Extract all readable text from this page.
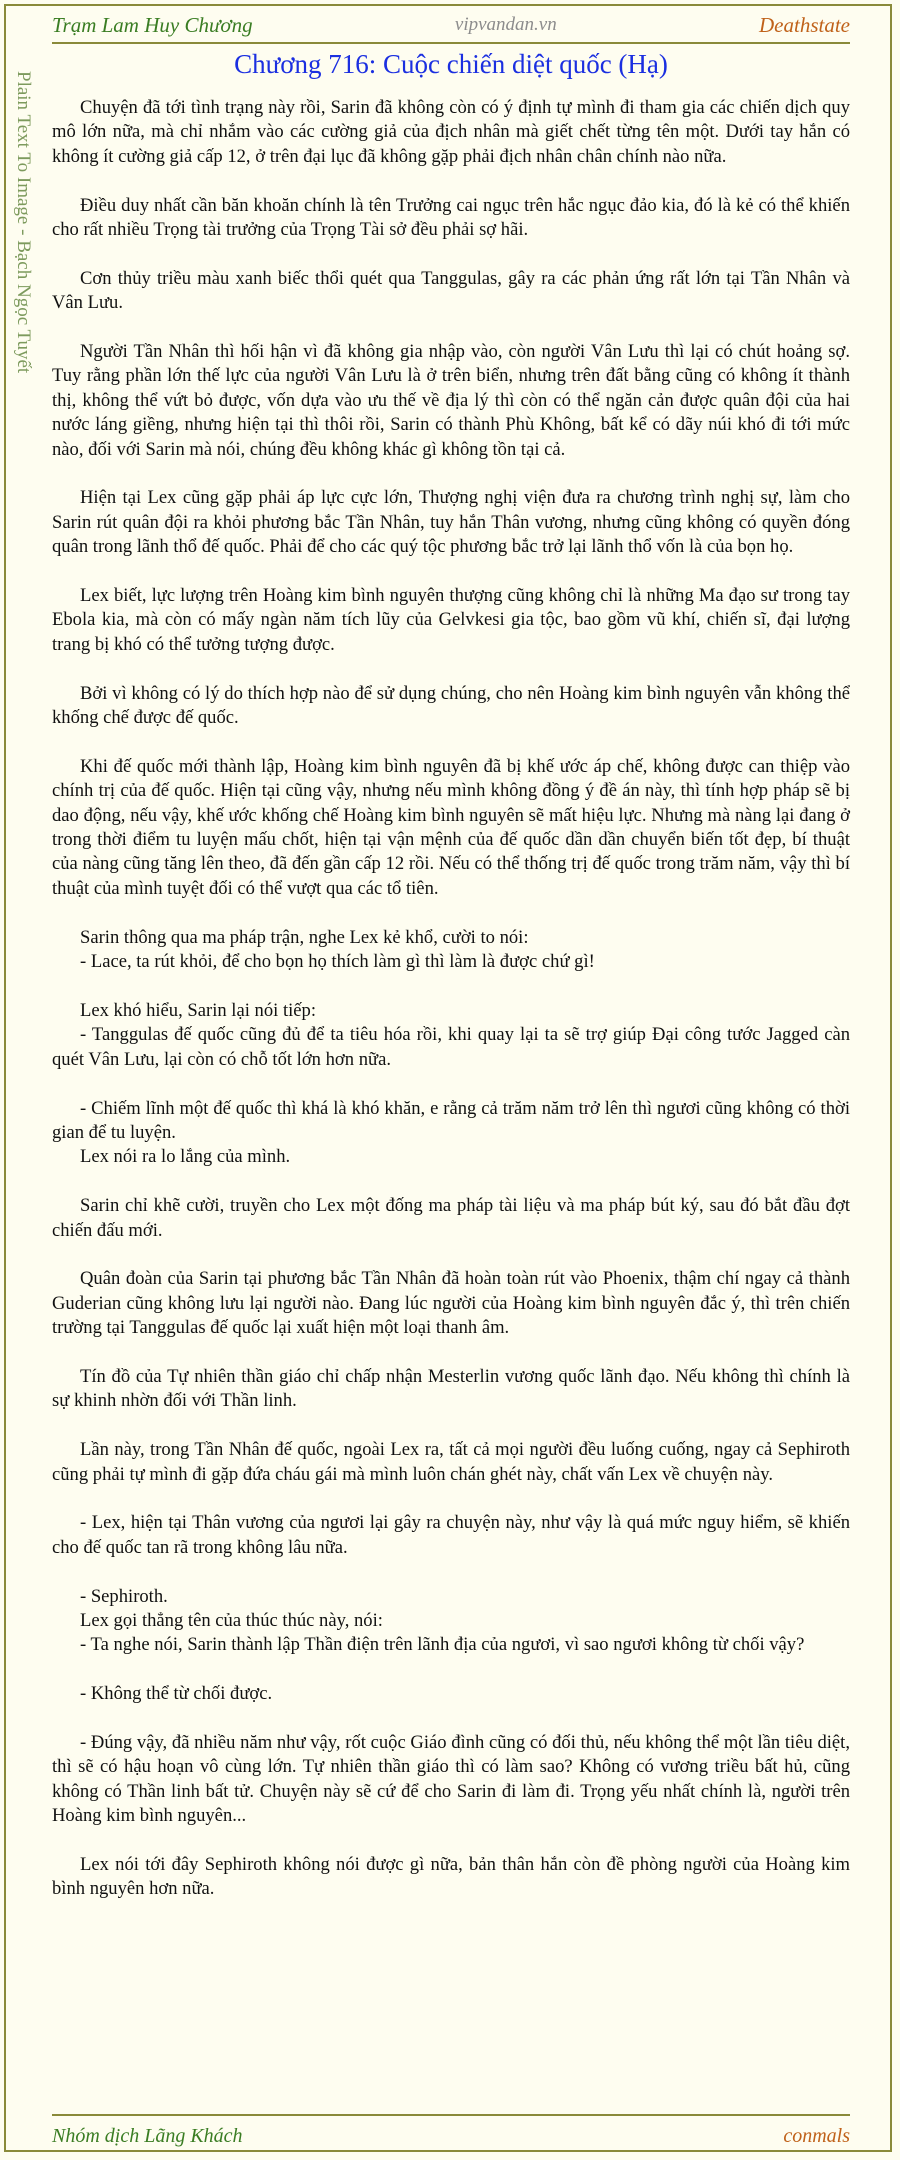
Trạm Lam Huy Chương	vipvandan.vn	Deathstate
Plain Text To Image - Bạch Ngọc Tuyết
Chương 716: Cuộc chiến diệt quốc (Hạ)

Chuyện đã tới tình trạng này rồi, Sarin đã không còn có ý định tự mình đi tham gia các chiến dịch quy mô lớn nữa, mà chỉ nhắm vào các cường giả của địch nhân mà giết chết từng tên một. Dưới tay hắn có không ít cường giả cấp 12, ở trên đại lục đã không gặp phải địch nhân chân chính nào nữa.

Điều duy nhất cần băn khoăn chính là tên Trưởng cai ngục trên hắc ngục đảo kia, đó là kẻ có thể khiến cho rất nhiều Trọng tài trưởng của Trọng Tài sở đều phải sợ hãi.

Cơn thủy triều màu xanh biếc thổi quét qua Tanggulas, gây ra các phản ứng rất lớn tại Tần Nhân và Vân Lưu.

Người Tần Nhân thì hối hận vì đã không gia nhập vào, còn người Vân Lưu thì lại có chút hoảng sợ. Tuy rằng phần lớn thế lực của người Vân Lưu là ở trên biển, nhưng trên đất bằng cũng có không ít thành thị, không thể vứt bỏ được, vốn dựa vào ưu thế về địa lý thì còn có thể ngăn cản được quân đội của hai nước láng giềng, nhưng hiện tại thì thôi rồi, Sarin có thành Phù Không, bất kể có dãy núi khó đi tới mức nào, đối với Sarin mà nói, chúng đều không khác gì không tồn tại cả.

Hiện tại Lex cũng gặp phải áp lực cực lớn, Thượng nghị viện đưa ra chương trình nghị sự, làm cho Sarin rút quân đội ra khỏi phương bắc Tần Nhân, tuy hắn Thân vương, nhưng cũng không có quyền đóng quân trong lãnh thổ đế quốc. Phải để cho các quý tộc phương bắc trở lại lãnh thổ vốn là của bọn họ.

Lex biết, lực lượng trên Hoàng kim bình nguyên thượng cũng không chỉ là những Ma đạo sư trong tay Ebola kia, mà còn có mấy ngàn năm tích lũy của Gelvkesi gia tộc, bao gồm vũ khí, chiến sĩ, đại lượng trang bị khó có thể tưởng tượng được.

Bởi vì không có lý do thích hợp nào để sử dụng chúng, cho nên Hoàng kim bình nguyên vẫn không thể khống chế được đế quốc.

Khi đế quốc mới thành lập, Hoàng kim bình nguyên đã bị khế ước áp chế, không được can thiệp vào chính trị của đế quốc. Hiện tại cũng vậy, nhưng nếu mình không đồng ý đề án này, thì tính hợp pháp sẽ bị dao động, nếu vậy, khế ước khống chế Hoàng kim bình nguyên sẽ mất hiệu lực. Nhưng mà nàng lại đang ở trong thời điểm tu luyện mấu chốt, hiện tại vận mệnh của đế quốc dần dần chuyển biến tốt đẹp, bí thuật của nàng cũng tăng lên theo, đã đến gần cấp 12 rồi. Nếu có thể thống trị đế quốc trong trăm năm, vậy thì bí thuật của mình tuyệt đối có thể vượt qua các tổ tiên.

Sarin thông qua ma pháp trận, nghe Lex kẻ khổ, cười to nói:
- Lace, ta rút khỏi, để cho bọn họ thích làm gì thì làm là được chứ gì!

Lex khó hiểu, Sarin lại nói tiếp:
- Tanggulas đế quốc cũng đủ để ta tiêu hóa rồi, khi quay lại ta sẽ trợ giúp Đại công tước Jagged càn quét Vân Lưu, lại còn có chỗ tốt lớn hơn nữa.

- Chiếm lĩnh một đế quốc thì khá là khó khăn, e rằng cả trăm năm trở lên thì ngươi cũng không có thời gian để tu luyện.
Lex nói ra lo lắng của mình.

Sarin chỉ khẽ cười, truyền cho Lex một đống ma pháp tài liệu và ma pháp bút ký, sau đó bắt đầu đợt chiến đấu mới.

Quân đoàn của Sarin tại phương bắc Tần Nhân đã hoàn toàn rút vào Phoenix, thậm chí ngay cả thành Guderian cũng không lưu lại người nào. Đang lúc người của Hoàng kim bình nguyên đắc ý, thì trên chiến trường tại Tanggulas đế quốc lại xuất hiện một loại thanh âm.

Tín đồ của Tự nhiên thần giáo chỉ chấp nhận Mesterlin vương quốc lãnh đạo. Nếu không thì chính là sự khinh nhờn đối với Thần linh.

Lần này, trong Tần Nhân đế quốc, ngoài Lex ra, tất cả mọi người đều luống cuống, ngay cả Sephiroth cũng phải tự mình đi gặp đứa cháu gái mà mình luôn chán ghét này, chất vấn Lex về chuyện này.

- Lex, hiện tại Thân vương của ngươi lại gây ra chuyện này, như vậy là quá mức nguy hiểm, sẽ khiến cho đế quốc tan rã trong không lâu nữa.

- Sephiroth.
Lex gọi thẳng tên của thúc thúc này, nói:
- Ta nghe nói, Sarin thành lập Thần điện trên lãnh địa của ngươi, vì sao ngươi không từ chối vậy?

- Không thể từ chối được.

- Đúng vậy, đã nhiều năm như vậy, rốt cuộc Giáo đình cũng có đối thủ, nếu không thể một lần tiêu diệt, thì sẽ có hậu hoạn vô cùng lớn. Tự nhiên thần giáo thì có làm sao? Không có vương triều bất hủ, cũng không có Thần linh bất tử. Chuyện này sẽ cứ để cho Sarin đi làm đi. Trọng yếu nhất chính là, người trên Hoàng kim bình nguyên...

Lex nói tới đây Sephiroth không nói được gì nữa, bản thân hắn còn đề phòng người của Hoàng kim bình nguyên hơn nữa.

Nhóm dịch Lãng Khách	conmals
